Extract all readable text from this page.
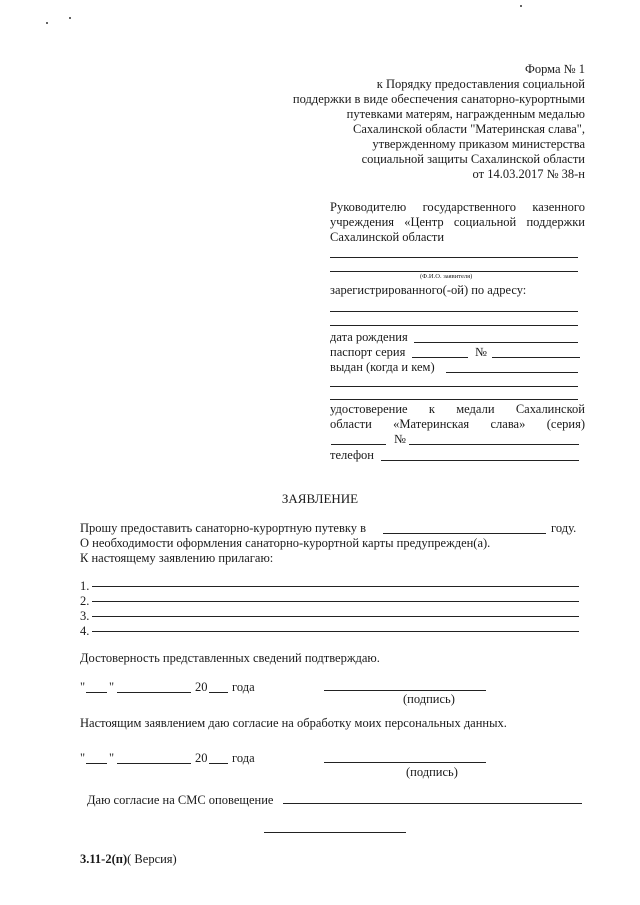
Форма № 1
к Порядку предоставления социальной
поддержки в виде обеспечения санаторно-курортными
путевками матерям, награжденным медалью
Сахалинской области "Материнская слава",
утвержденному приказом министерства
социальной защиты Сахалинской области
от 14.03.2017 № 38-н
Руководителю государственного казенного
учреждения «Центр социальной поддержки
Сахалинской области
(Ф.И.О. заявителя)
зарегистрированного(-ой) по адресу:
дата рождения
паспорт серия	№
выдан (когда и кем)
удостоверение к медали Сахалинской
области «Материнская слава» (серия)
№
телефон
ЗАЯВЛЕНИЕ
Прошу предоставить санаторно-курортную путевку в	году.
О необходимости оформления санаторно-курортной карты предупрежден(а).
К настоящему заявлению прилагаю:
1.
2.
3.
4.
Достоверность представленных сведений подтверждаю.
" "	20 года
(подпись)
Настоящим заявлением даю согласие на обработку моих персональных данных.
" "	20 года
(подпись)
Даю согласие на СМС оповещение
3.11-2(п)( Версия)
